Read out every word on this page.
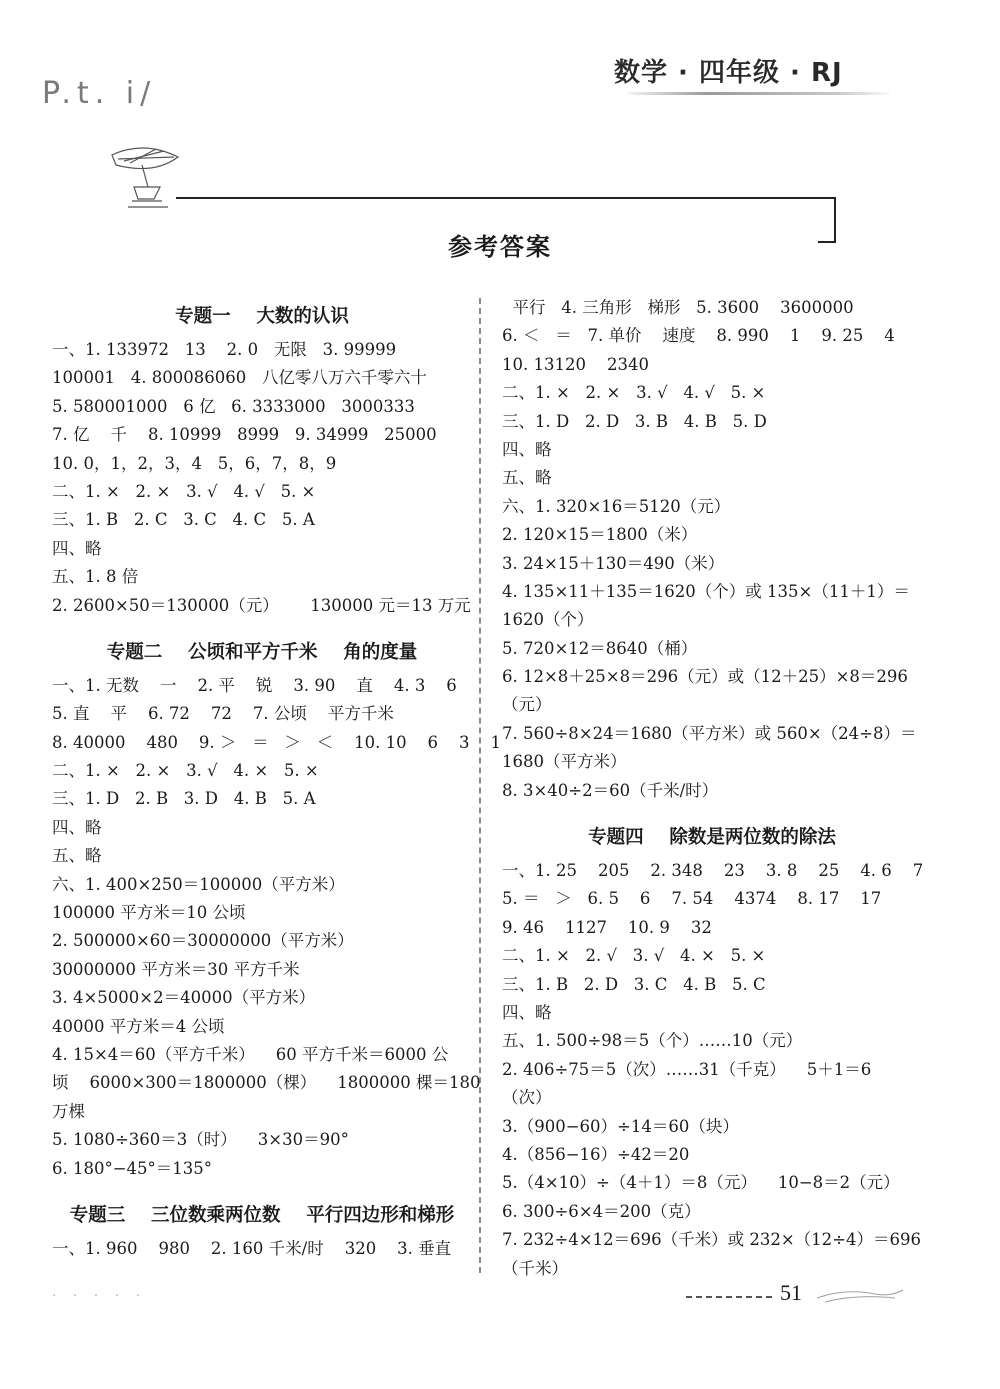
P.t. i/
数学 · 四年级 · RJ
参考答案
专题一    大数的认识
一、1. 133972   13    2. 0   无限   3. 99999
100001   4. 800086060   八亿零八万六千零六十
5. 580001000   6 亿   6. 3333000   3000333
7. 亿    千    8. 10999   8999   9. 34999   25000
10. 0，1，2，3，4   5，6，7，8，9
二、1. ×   2. ×   3. √   4. √   5. ×
三、1. B   2. C   3. C   4. C   5. A
四、略
五、1. 8 倍
2. 2600×50＝130000（元）      130000 元＝13 万元
专题二    公顷和平方千米    角的度量
一、1. 无数    一    2. 平    锐    3. 90    直    4. 3    6
5. 直    平    6. 72    72    7. 公顷    平方千米
8. 40000    480    9. ＞   ＝   ＞   ＜    10. 10    6    3    1
二、1. ×   2. ×   3. √   4. ×   5. ×
三、1. D   2. B   3. D   4. B   5. A
四、略
五、略
六、1. 400×250＝100000（平方米）
100000 平方米＝10 公顷
2. 500000×60＝30000000（平方米）
30000000 平方米＝30 平方千米
3. 4×5000×2＝40000（平方米）
40000 平方米＝4 公顷
4. 15×4＝60（平方千米）    60 平方千米＝6000 公
顷    6000×300＝1800000（棵）    1800000 棵＝180
万棵
5. 1080÷360＝3（时）    3×30＝90°
6. 180°−45°＝135°
专题三    三位数乘两位数    平行四边形和梯形
一、1. 960    980    2. 160 千米/时    320    3. 垂直
平行   4. 三角形   梯形   5. 3600    3600000
6. ＜   ＝   7. 单价    速度    8. 990    1    9. 25    4
10. 13120    2340
二、1. ×   2. ×   3. √   4. √   5. ×
三、1. D   2. D   3. B   4. B   5. D
四、略
五、略
六、1. 320×16＝5120（元）
2. 120×15＝1800（米）
3. 24×15＋130＝490（米）
4. 135×11＋135＝1620（个）或 135×（11＋1）＝
1620（个）
5. 720×12＝8640（桶）
6. 12×8＋25×8＝296（元）或（12＋25）×8＝296
（元）
7. 560÷8×24＝1680（平方米）或 560×（24÷8）＝
1680（平方米）
8. 3×40÷2＝60（千米/时）
专题四    除数是两位数的除法
一、1. 25    205    2. 348    23    3. 8    25    4. 6    7
5. ＝   ＞   6. 5    6    7. 54    4374    8. 17    17
9. 46    1127    10. 9    32
二、1. ×   2. √   3. √   4. ×   5. ×
三、1. B   2. D   3. C   4. B   5. C
四、略
五、1. 500÷98＝5（个）……10（元）
2. 406÷75＝5（次）……31（千克）    5＋1＝6
（次）
3.（900−60）÷14＝60（块）
4.（856−16）÷42＝20
5.（4×10）÷（4＋1）＝8（元）    10−8＝2（元）
6. 300÷6×4＝200（克）
7. 232÷4×12＝696（千米）或 232×（12÷4）＝696
（千米）
· · · · ·	51
